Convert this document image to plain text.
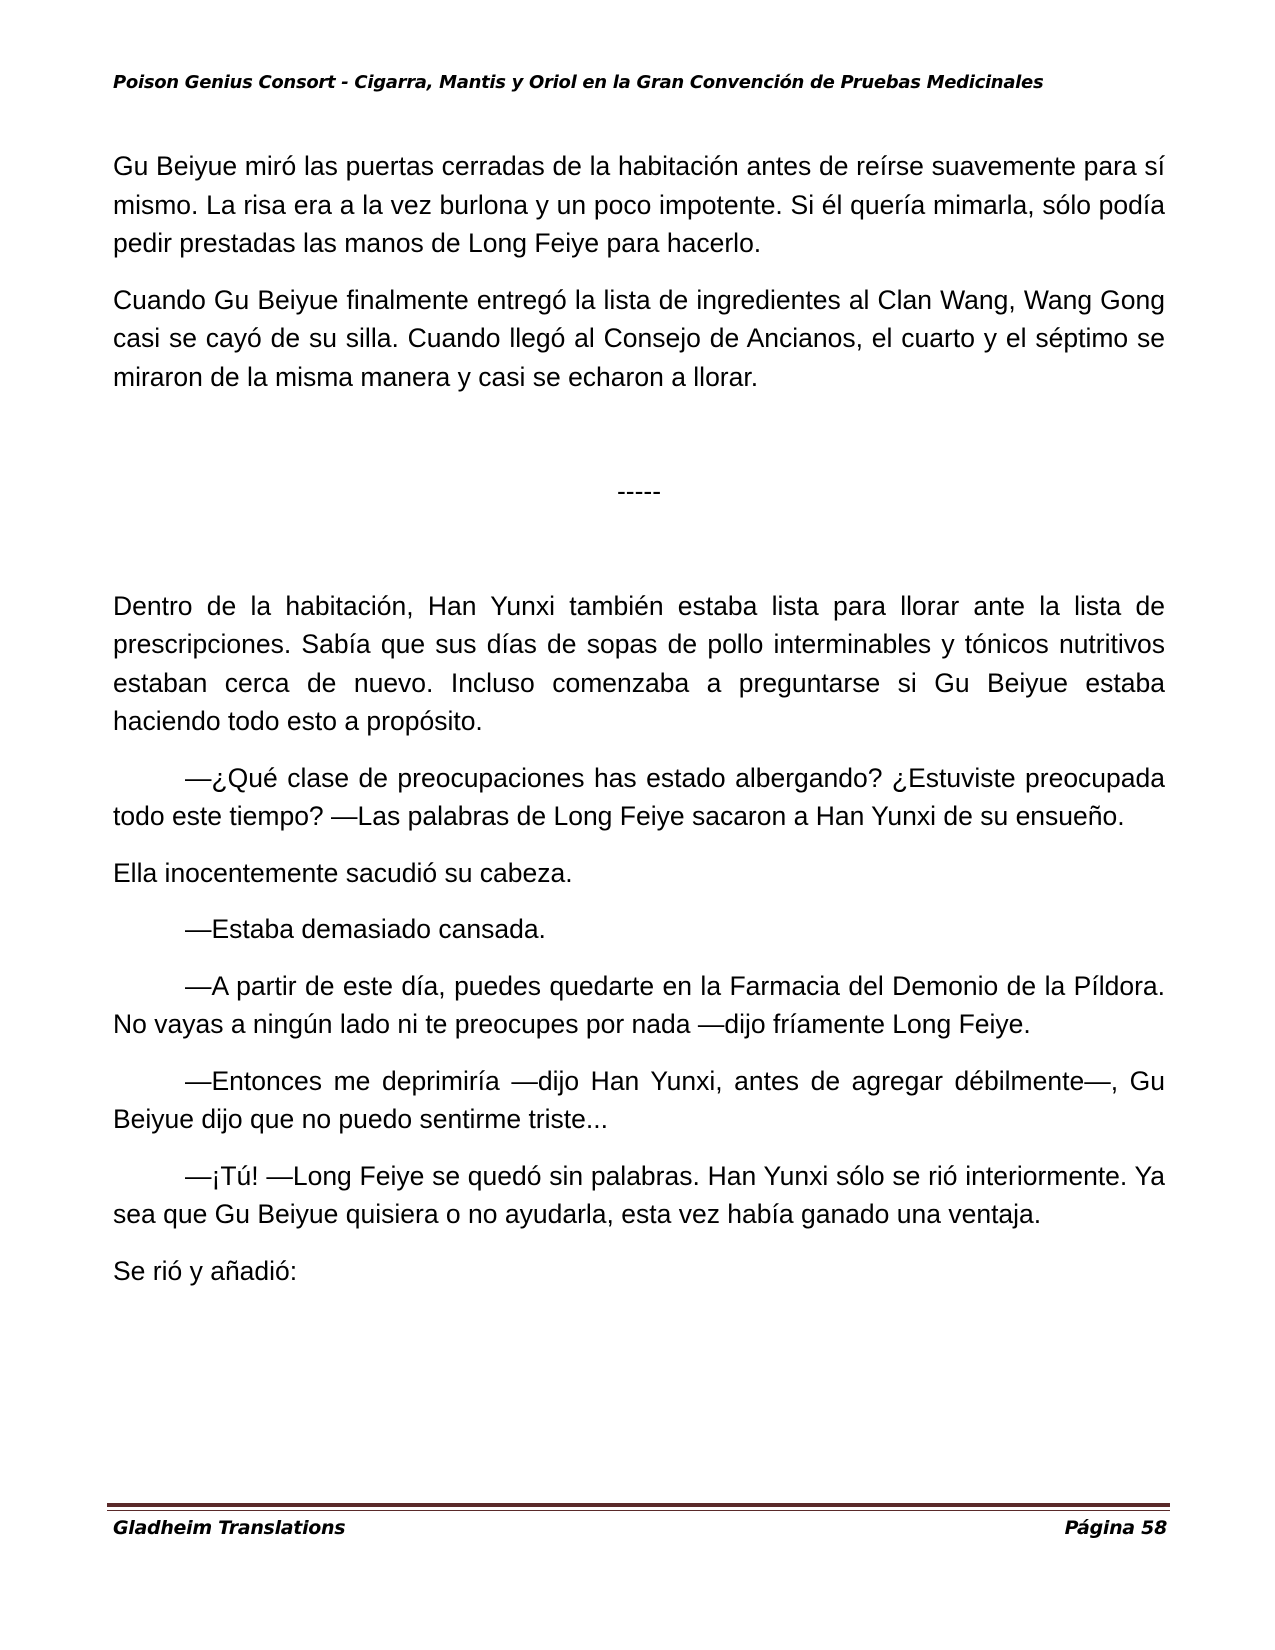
Poison Genius Consort - Cigarra, Mantis y Oriol en la Gran Convención de Pruebas Medicinales

Gu Beiyue miró las puertas cerradas de la habitación antes de reírse suavemente para sí mismo. La risa era a la vez burlona y un poco impotente. Si él quería mimarla, sólo podía pedir prestadas las manos de Long Feiye para hacerlo.

Cuando Gu Beiyue finalmente entregó la lista de ingredientes al Clan Wang, Wang Gong casi se cayó de su silla. Cuando llegó al Consejo de Ancianos, el cuarto y el séptimo se miraron de la misma manera y casi se echaron a llorar.

-----

Dentro de la habitación, Han Yunxi también estaba lista para llorar ante la lista de prescripciones. Sabía que sus días de sopas de pollo interminables y tónicos nutritivos estaban cerca de nuevo. Incluso comenzaba a preguntarse si Gu Beiyue estaba haciendo todo esto a propósito.

—¿Qué clase de preocupaciones has estado albergando? ¿Estuviste preocupada todo este tiempo? —Las palabras de Long Feiye sacaron a Han Yunxi de su ensueño.

Ella inocentemente sacudió su cabeza.

—Estaba demasiado cansada.

—A partir de este día, puedes quedarte en la Farmacia del Demonio de la Píldora. No vayas a ningún lado ni te preocupes por nada —dijo fríamente Long Feiye.

—Entonces me deprimiría —dijo Han Yunxi, antes de agregar débilmente—, Gu Beiyue dijo que no puedo sentirme triste...

—¡Tú! —Long Feiye se quedó sin palabras. Han Yunxi sólo se rió interiormente. Ya sea que Gu Beiyue quisiera o no ayudarla, esta vez había ganado una ventaja.

Se rió y añadió:

Gladheim Translations	Página 58
